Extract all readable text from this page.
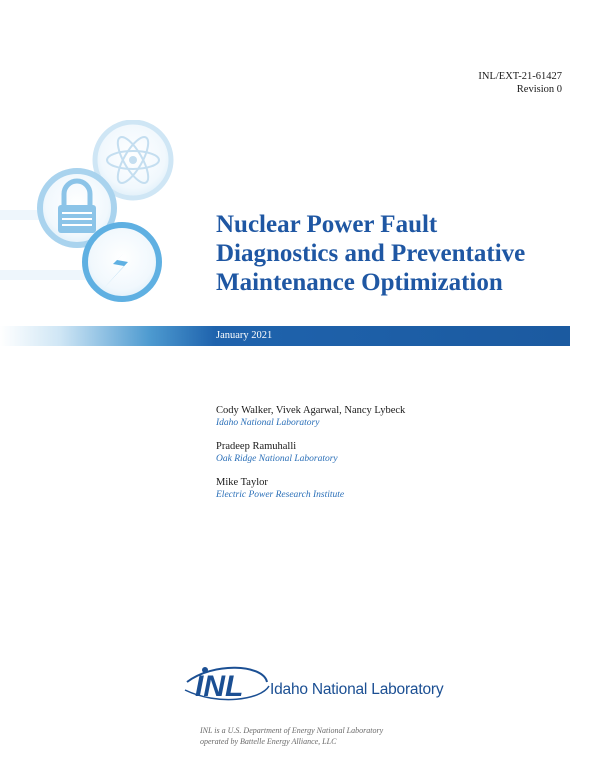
INL/EXT-21-61427
Revision 0
Nuclear Power Fault
Diagnostics and Preventative
Maintenance Optimization
January 2021
Cody Walker, Vivek Agarwal, Nancy Lybeck
Idaho National Laboratory
Pradeep Ramuhalli
Oak Ridge National Laboratory
Mike Taylor
Electric Power Research Institute
INL Idaho National Laboratory
INL is a U.S. Department of Energy National Laboratory
operated by Battelle Energy Alliance, LLC
